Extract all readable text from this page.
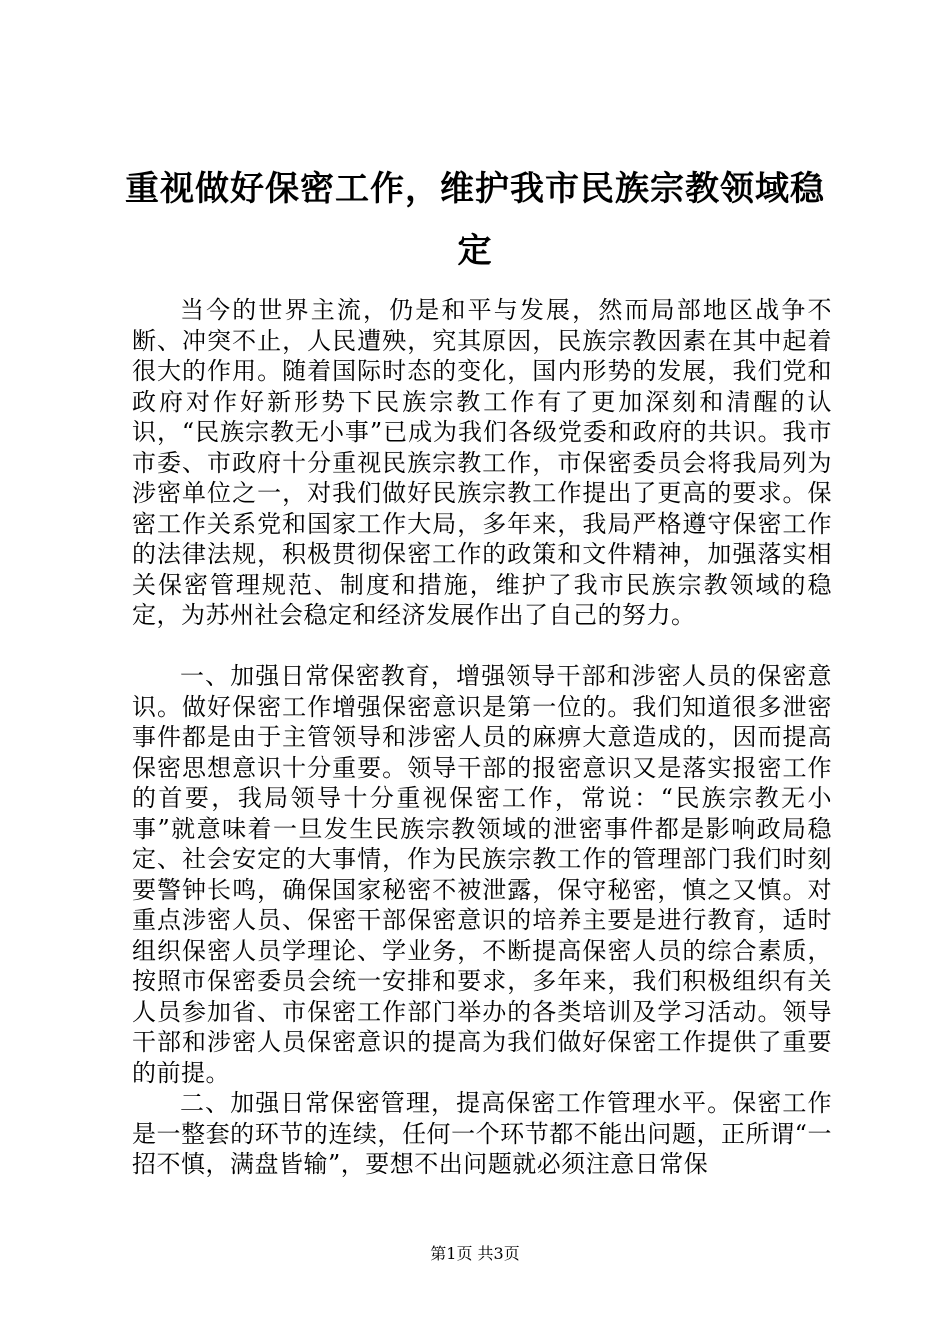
重视做好保密工作，维护我市民族宗教领域稳定

当今的世界主流，仍是和平与发展，然而局部地区战争不断、冲突不止，人民遭殃，究其原因，民族宗教因素在其中起着很大的作用。随着国际时态的变化，国内形势的发展，我们党和政府对作好新形势下民族宗教工作有了更加深刻和清醒的认识，“民族宗教无小事”已成为我们各级党委和政府的共识。我市市委、市政府十分重视民族宗教工作，市保密委员会将我局列为涉密单位之一，对我们做好民族宗教工作提出了更高的要求。保密工作关系党和国家工作大局，多年来，我局严格遵守保密工作的法律法规，积极贯彻保密工作的政策和文件精神，加强落实相关保密管理规范、制度和措施，维护了我市民族宗教领域的稳定，为苏州社会稳定和经济发展作出了自己的努力。

一、加强日常保密教育，增强领导干部和涉密人员的保密意识。做好保密工作增强保密意识是第一位的。我们知道很多泄密事件都是由于主管领导和涉密人员的麻痹大意造成的，因而提高保密思想意识十分重要。领导干部的报密意识又是落实报密工作的首要，我局领导十分重视保密工作，常说：“民族宗教无小事”就意味着一旦发生民族宗教领域的泄密事件都是影响政局稳定、社会安定的大事情，作为民族宗教工作的管理部门我们时刻要警钟长鸣，确保国家秘密不被泄露，保守秘密，慎之又慎。对重点涉密人员、保密干部保密意识的培养主要是进行教育，适时组织保密人员学理论、学业务，不断提高保密人员的综合素质，按照市保密委员会统一安排和要求，多年来，我们积极组织有关人员参加省、市保密工作部门举办的各类培训及学习活动。领导干部和涉密人员保密意识的提高为我们做好保密工作提供了重要的前提。

二、加强日常保密管理，提高保密工作管理水平。保密工作是一整套的环节的连续，任何一个环节都不能出问题，正所谓“一招不慎，满盘皆输”，要想不出问题就必须注意日常保

第1页 共3页
